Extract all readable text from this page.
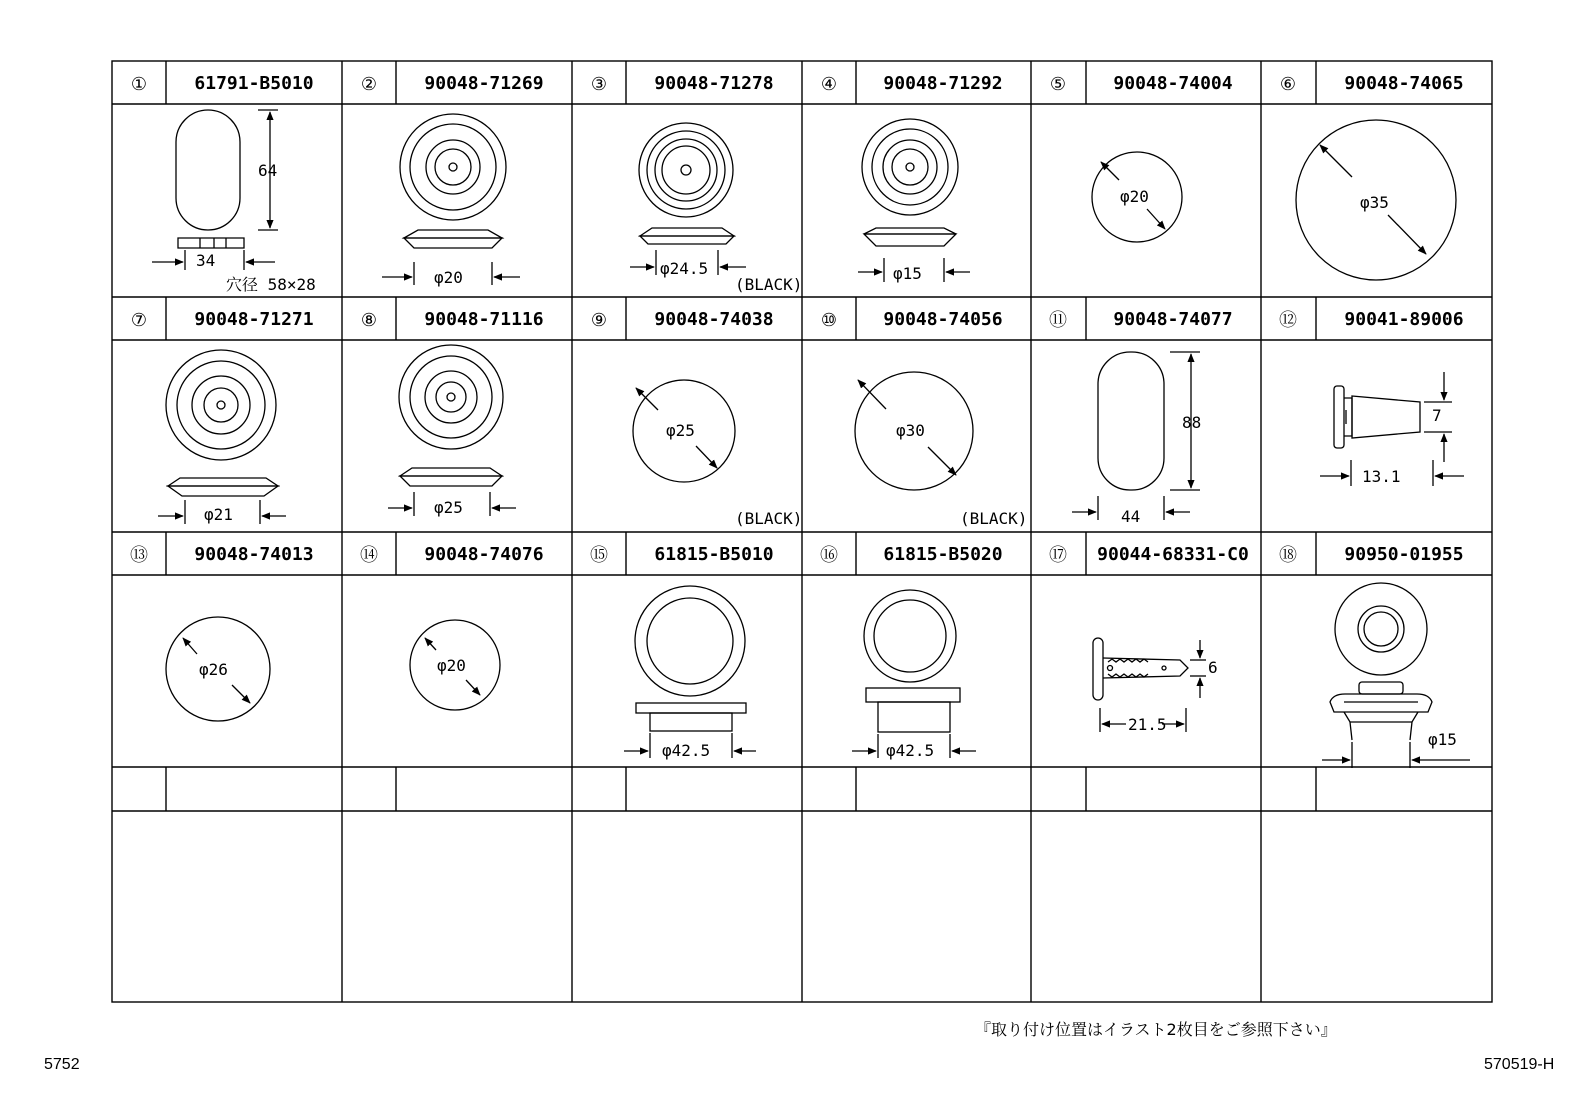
①	61791-B5010	②	90048-71269	③	90048-71278	④	90048-71292	⑤	90048-74004	⑥	90048-74065
⑦	90048-71271	⑧	90048-71116	⑨	90048-74038	⑩	90048-74056	⑪	90048-74077	⑫	90041-89006
⑬	90048-74013	⑭	90048-74076	⑮	61815-B5010	⑯	61815-B5020	⑰ 90044-68331-C0 ⑱	90950-01955
64
34
穴径 58×28	φ20	φ24.5
(BLACK)
φ15
φ20	φ35
φ21	φ25
φ25
(BLACK)
φ30
(BLACK)
88
44
7
13.1
φ26	φ20
φ42.5	φ42.5
6
21.5
φ15
『取り付け位置はイラスト2枚目をご参照下さい』
5752	570519-H
